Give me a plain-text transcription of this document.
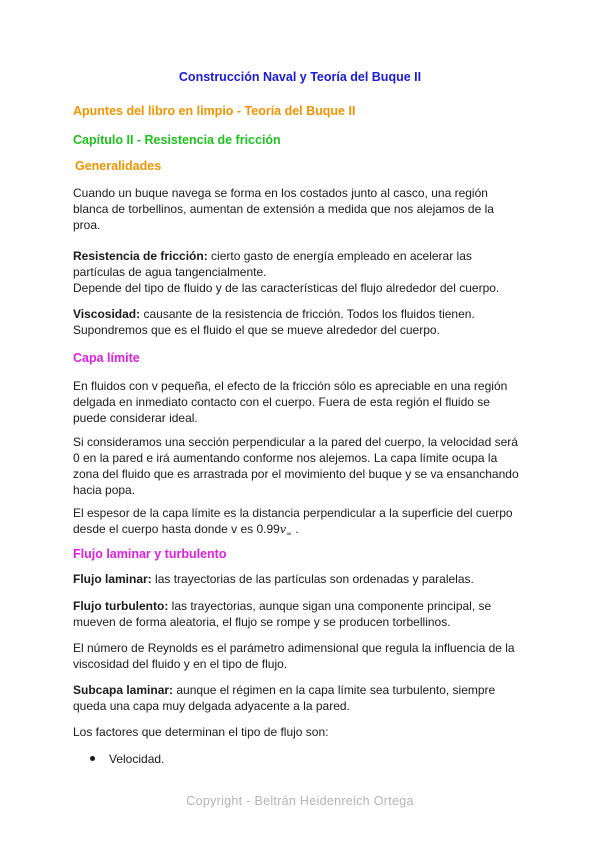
Construcción Naval y Teoría del Buque II
Apuntes del libro en limpio - Teoría del Buque II
Capítulo II - Resistencia de fricción
Generalidades
Cuando un buque navega se forma en los costados junto al casco, una región blanca de torbellinos, aumentan de extensión a medida que nos alejamos de la proa.
Resistencia de fricción: cierto gasto de energía empleado en acelerar las partículas de agua tangencialmente.
Depende del tipo de fluido y de las características del flujo alrededor del cuerpo.
Viscosidad: causante de la resistencia de fricción. Todos los fluidos tienen. Supondremos que es el fluido el que se mueve alrededor del cuerpo.
Capa límite
En fluidos con v pequeña, el efecto de la fricción sólo es apreciable en una región delgada en inmediato contacto con el cuerpo. Fuera de esta región el fluido se puede considerar ideal.
Si consideramos una sección perpendicular a la pared del cuerpo, la velocidad será 0 en la pared e irá aumentando conforme nos alejemos. La capa límite ocupa la zona del fluido que es arrastrada por el movimiento del buque y se va ensanchando hacia popa.
El espesor de la capa límite es la distancia perpendicular a la superficie del cuerpo desde el cuerpo hasta donde v es $0.99v_\infty$ .
Flujo laminar y turbulento
Flujo laminar: las trayectorias de las partículas son ordenadas y paralelas.
Flujo turbulento: las trayectorias, aunque sigan una componente principal, se mueven de forma aleatoria, el flujo se rompe y se producen torbellinos.
El número de Reynolds es el parámetro adimensional que regula la influencia de la viscosidad del fluido y en el tipo de flujo.
Subcapa laminar: aunque el régimen en la capa límite sea turbulento, siempre queda una capa muy delgada adyacente a la pared.
Los factores que determinan el tipo de flujo son:
Velocidad.
Copyright - Beltrán Heidenreich Ortega
